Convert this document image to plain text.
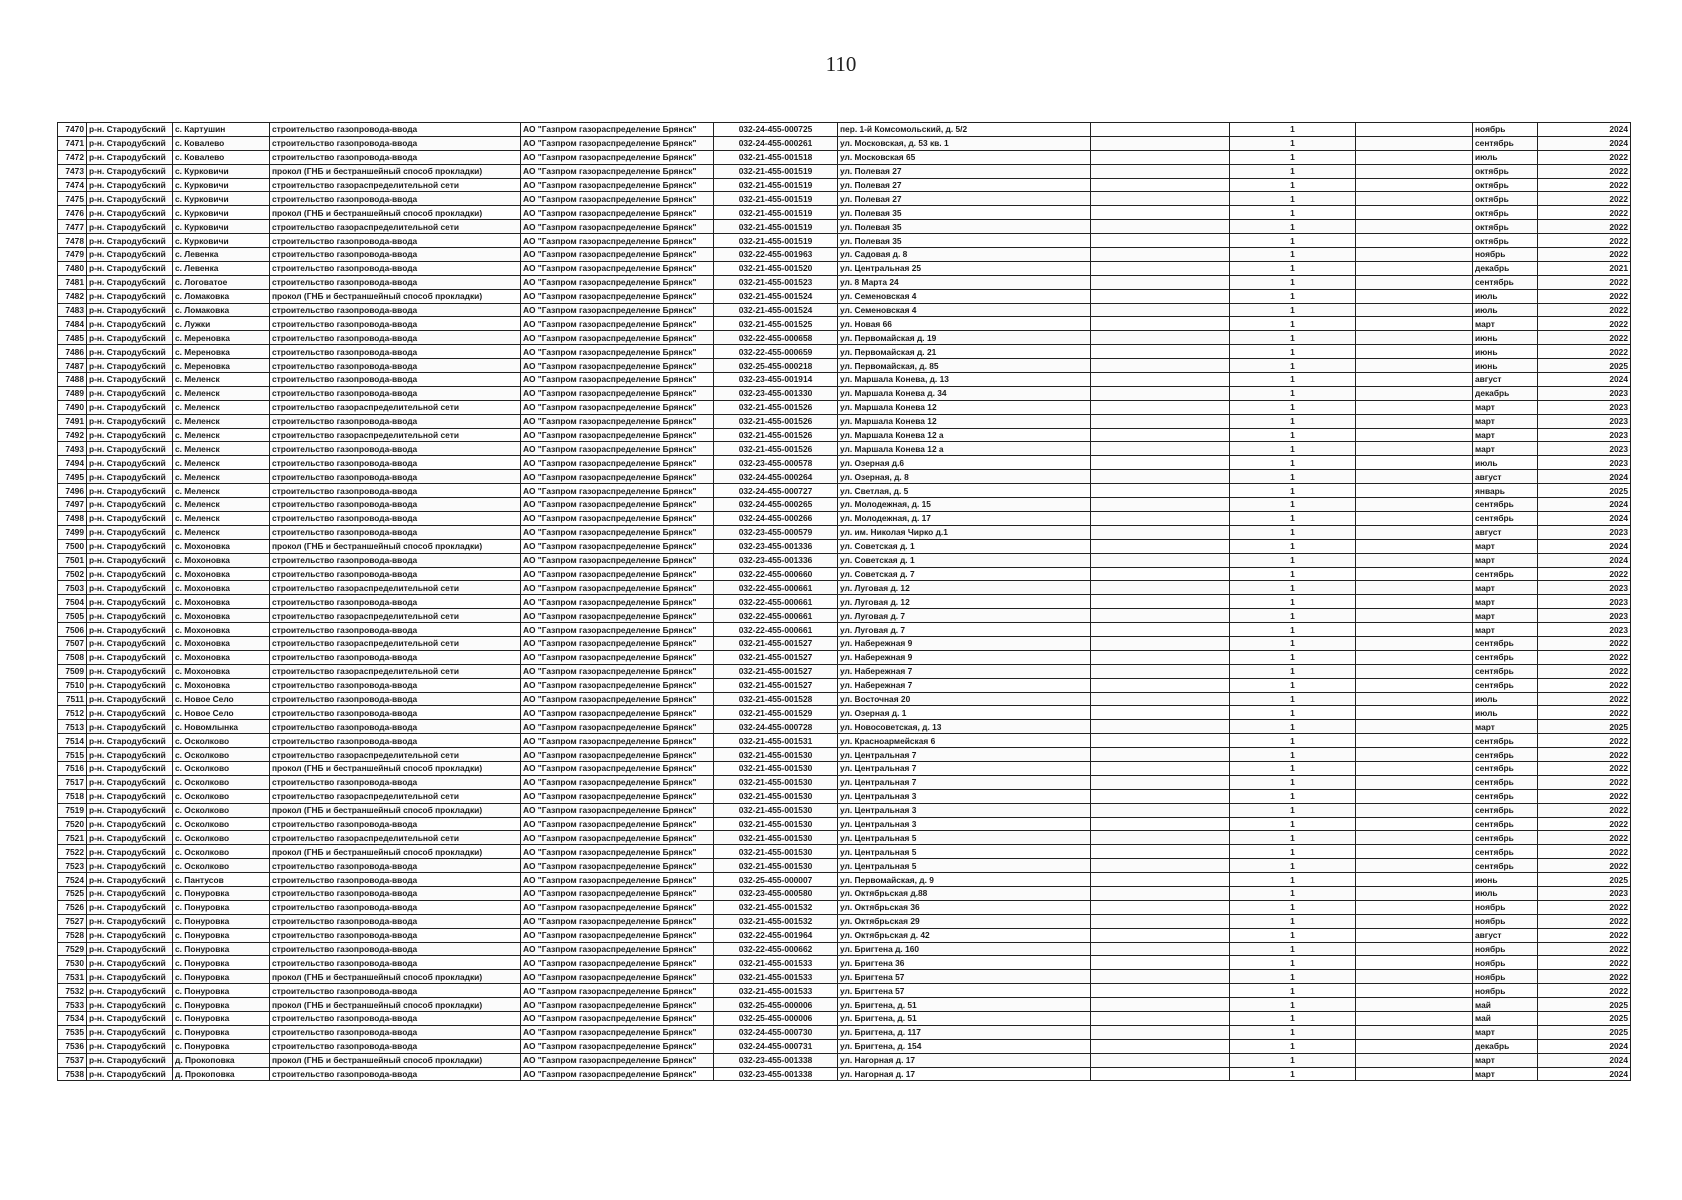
110
7470	р-н. Стародубский	с. Картушин	строительство газопровода-ввода	АО "Газпром газораспределение Брянск"	032-24-455-000725	пер. 1-й Комсомольский, д. 5/2		1		ноябрь	2024
7471	р-н. Стародубский	с. Ковалево	строительство газопровода-ввода	АО "Газпром газораспределение Брянск"	032-24-455-000261	ул. Московская, д. 53 кв. 1		1		сентябрь	2024
7472	р-н. Стародубский	с. Ковалево	строительство газопровода-ввода	АО "Газпром газораспределение Брянск"	032-21-455-001518	ул. Московская 65		1		июль	2022
7473	р-н. Стародубский	с. Курковичи	прокол (ГНБ и бестраншейный способ прокладки)	АО "Газпром газораспределение Брянск"	032-21-455-001519	ул. Полевая 27		1		октябрь	2022
7474	р-н. Стародубский	с. Курковичи	строительство газораспределительной сети	АО "Газпром газораспределение Брянск"	032-21-455-001519	ул. Полевая 27		1		октябрь	2022
7475	р-н. Стародубский	с. Курковичи	строительство газопровода-ввода	АО "Газпром газораспределение Брянск"	032-21-455-001519	ул. Полевая 27		1		октябрь	2022
7476	р-н. Стародубский	с. Курковичи	прокол (ГНБ и бестраншейный способ прокладки)	АО "Газпром газораспределение Брянск"	032-21-455-001519	ул. Полевая 35		1		октябрь	2022
7477	р-н. Стародубский	с. Курковичи	строительство газораспределительной сети	АО "Газпром газораспределение Брянск"	032-21-455-001519	ул. Полевая 35		1		октябрь	2022
7478	р-н. Стародубский	с. Курковичи	строительство газопровода-ввода	АО "Газпром газораспределение Брянск"	032-21-455-001519	ул. Полевая 35		1		октябрь	2022
7479	р-н. Стародубский	с. Левенка	строительство газопровода-ввода	АО "Газпром газораспределение Брянск"	032-22-455-001963	ул. Садовая д. 8		1		ноябрь	2022
7480	р-н. Стародубский	с. Левенка	строительство газопровода-ввода	АО "Газпром газораспределение Брянск"	032-21-455-001520	ул. Центральная 25		1		декабрь	2021
7481	р-н. Стародубский	с. Логоватое	строительство газопровода-ввода	АО "Газпром газораспределение Брянск"	032-21-455-001523	ул. 8 Марта 24		1		сентябрь	2022
7482	р-н. Стародубский	с. Ломаковка	прокол (ГНБ и бестраншейный способ прокладки)	АО "Газпром газораспределение Брянск"	032-21-455-001524	ул. Семеновская 4		1		июль	2022
7483	р-н. Стародубский	с. Ломаковка	строительство газопровода-ввода	АО "Газпром газораспределение Брянск"	032-21-455-001524	ул. Семеновская 4		1		июль	2022
7484	р-н. Стародубский	с. Лужки	строительство газопровода-ввода	АО "Газпром газораспределение Брянск"	032-21-455-001525	ул. Новая 66		1		март	2022
7485	р-н. Стародубский	с. Мереновка	строительство газопровода-ввода	АО "Газпром газораспределение Брянск"	032-22-455-000658	ул. Первомайская д. 19		1		июнь	2022
7486	р-н. Стародубский	с. Мереновка	строительство газопровода-ввода	АО "Газпром газораспределение Брянск"	032-22-455-000659	ул. Первомайская д. 21		1		июнь	2022
7487	р-н. Стародубский	с. Мереновка	строительство газопровода-ввода	АО "Газпром газораспределение Брянск"	032-25-455-000218	ул. Первомайская, д. 85		1		июнь	2025
7488	р-н. Стародубский	с. Меленск	строительство газопровода-ввода	АО "Газпром газораспределение Брянск"	032-23-455-001914	ул. Маршала Конева, д. 13		1		август	2024
7489	р-н. Стародубский	с. Меленск	строительство газопровода-ввода	АО "Газпром газораспределение Брянск"	032-23-455-001330	ул. Маршала Конева д. 34		1		декабрь	2023
7490	р-н. Стародубский	с. Меленск	строительство газораспределительной сети	АО "Газпром газораспределение Брянск"	032-21-455-001526	ул. Маршала Конева 12		1		март	2023
7491	р-н. Стародубский	с. Меленск	строительство газопровода-ввода	АО "Газпром газораспределение Брянск"	032-21-455-001526	ул. Маршала Конева 12		1		март	2023
7492	р-н. Стародубский	с. Меленск	строительство газораспределительной сети	АО "Газпром газораспределение Брянск"	032-21-455-001526	ул. Маршала Конева 12 а		1		март	2023
7493	р-н. Стародубский	с. Меленск	строительство газопровода-ввода	АО "Газпром газораспределение Брянск"	032-21-455-001526	ул. Маршала Конева 12 а		1		март	2023
7494	р-н. Стародубский	с. Меленск	строительство газопровода-ввода	АО "Газпром газораспределение Брянск"	032-23-455-000578	ул. Озерная д.6		1		июль	2023
7495	р-н. Стародубский	с. Меленск	строительство газопровода-ввода	АО "Газпром газораспределение Брянск"	032-24-455-000264	ул. Озерная, д. 8		1		август	2024
7496	р-н. Стародубский	с. Меленск	строительство газопровода-ввода	АО "Газпром газораспределение Брянск"	032-24-455-000727	ул. Светлая, д. 5		1		январь	2025
7497	р-н. Стародубский	с. Меленск	строительство газопровода-ввода	АО "Газпром газораспределение Брянск"	032-24-455-000265	ул. Молодежная, д. 15		1		сентябрь	2024
7498	р-н. Стародубский	с. Меленск	строительство газопровода-ввода	АО "Газпром газораспределение Брянск"	032-24-455-000266	ул. Молодежная, д. 17		1		сентябрь	2024
7499	р-н. Стародубский	с. Меленск	строительство газопровода-ввода	АО "Газпром газораспределение Брянск"	032-23-455-000579	ул. им. Николая Чирко д.1		1		август	2023
7500	р-н. Стародубский	с. Мохоновка	прокол (ГНБ и бестраншейный способ прокладки)	АО "Газпром газораспределение Брянск"	032-23-455-001336	ул. Советская д. 1		1		март	2024
7501	р-н. Стародубский	с. Мохоновка	строительство газопровода-ввода	АО "Газпром газораспределение Брянск"	032-23-455-001336	ул. Советская д. 1		1		март	2024
7502	р-н. Стародубский	с. Мохоновка	строительство газопровода-ввода	АО "Газпром газораспределение Брянск"	032-22-455-000660	ул. Советская д. 7		1		сентябрь	2022
7503	р-н. Стародубский	с. Мохоновка	строительство газораспределительной сети	АО "Газпром газораспределение Брянск"	032-22-455-000661	ул. Луговая д. 12		1		март	2023
7504	р-н. Стародубский	с. Мохоновка	строительство газопровода-ввода	АО "Газпром газораспределение Брянск"	032-22-455-000661	ул. Луговая д. 12		1		март	2023
7505	р-н. Стародубский	с. Мохоновка	строительство газораспределительной сети	АО "Газпром газораспределение Брянск"	032-22-455-000661	ул. Луговая д. 7		1		март	2023
7506	р-н. Стародубский	с. Мохоновка	строительство газопровода-ввода	АО "Газпром газораспределение Брянск"	032-22-455-000661	ул. Луговая д. 7		1		март	2023
7507	р-н. Стародубский	с. Мохоновка	строительство газораспределительной сети	АО "Газпром газораспределение Брянск"	032-21-455-001527	ул. Набережная 9		1		сентябрь	2022
7508	р-н. Стародубский	с. Мохоновка	строительство газопровода-ввода	АО "Газпром газораспределение Брянск"	032-21-455-001527	ул. Набережная 9		1		сентябрь	2022
7509	р-н. Стародубский	с. Мохоновка	строительство газораспределительной сети	АО "Газпром газораспределение Брянск"	032-21-455-001527	ул. Набережная 7		1		сентябрь	2022
7510	р-н. Стародубский	с. Мохоновка	строительство газопровода-ввода	АО "Газпром газораспределение Брянск"	032-21-455-001527	ул. Набережная 7		1		сентябрь	2022
7511	р-н. Стародубский	с. Новое Село	строительство газопровода-ввода	АО "Газпром газораспределение Брянск"	032-21-455-001528	ул. Восточная 20		1		июль	2022
7512	р-н. Стародубский	с. Новое Село	строительство газопровода-ввода	АО "Газпром газораспределение Брянск"	032-21-455-001529	ул. Озерная д. 1		1		июль	2022
7513	р-н. Стародубский	с. Новомлынка	строительство газопровода-ввода	АО "Газпром газораспределение Брянск"	032-24-455-000728	ул. Новосоветская, д. 13		1		март	2025
7514	р-н. Стародубский	с. Осколково	строительство газопровода-ввода	АО "Газпром газораспределение Брянск"	032-21-455-001531	ул. Красноармейская 6		1		сентябрь	2022
7515	р-н. Стародубский	с. Осколково	строительство газораспределительной сети	АО "Газпром газораспределение Брянск"	032-21-455-001530	ул. Центральная 7		1		сентябрь	2022
7516	р-н. Стародубский	с. Осколково	прокол (ГНБ и бестраншейный способ прокладки)	АО "Газпром газораспределение Брянск"	032-21-455-001530	ул. Центральная 7		1		сентябрь	2022
7517	р-н. Стародубский	с. Осколково	строительство газопровода-ввода	АО "Газпром газораспределение Брянск"	032-21-455-001530	ул. Центральная 7		1		сентябрь	2022
7518	р-н. Стародубский	с. Осколково	строительство газораспределительной сети	АО "Газпром газораспределение Брянск"	032-21-455-001530	ул. Центральная 3		1		сентябрь	2022
7519	р-н. Стародубский	с. Осколково	прокол (ГНБ и бестраншейный способ прокладки)	АО "Газпром газораспределение Брянск"	032-21-455-001530	ул. Центральная 3		1		сентябрь	2022
7520	р-н. Стародубский	с. Осколково	строительство газопровода-ввода	АО "Газпром газораспределение Брянск"	032-21-455-001530	ул. Центральная 3		1		сентябрь	2022
7521	р-н. Стародубский	с. Осколково	строительство газораспределительной сети	АО "Газпром газораспределение Брянск"	032-21-455-001530	ул. Центральная 5		1		сентябрь	2022
7522	р-н. Стародубский	с. Осколково	прокол (ГНБ и бестраншейный способ прокладки)	АО "Газпром газораспределение Брянск"	032-21-455-001530	ул. Центральная 5		1		сентябрь	2022
7523	р-н. Стародубский	с. Осколково	строительство газопровода-ввода	АО "Газпром газораспределение Брянск"	032-21-455-001530	ул. Центральная 5		1		сентябрь	2022
7524	р-н. Стародубский	с. Пантусов	строительство газопровода-ввода	АО "Газпром газораспределение Брянск"	032-25-455-000007	ул. Первомайская, д. 9		1		июнь	2025
7525	р-н. Стародубский	с. Понуровка	строительство газопровода-ввода	АО "Газпром газораспределение Брянск"	032-23-455-000580	ул. Октябрьская д.88		1		июль	2023
7526	р-н. Стародубский	с. Понуровка	строительство газопровода-ввода	АО "Газпром газораспределение Брянск"	032-21-455-001532	ул. Октябрьская 36		1		ноябрь	2022
7527	р-н. Стародубский	с. Понуровка	строительство газопровода-ввода	АО "Газпром газораспределение Брянск"	032-21-455-001532	ул. Октябрьская 29		1		ноябрь	2022
7528	р-н. Стародубский	с. Понуровка	строительство газопровода-ввода	АО "Газпром газораспределение Брянск"	032-22-455-001964	ул. Октябрьская д. 42		1		август	2022
7529	р-н. Стародубский	с. Понуровка	строительство газопровода-ввода	АО "Газпром газораспределение Брянск"	032-22-455-000662	ул. Бригтена д. 160		1		ноябрь	2022
7530	р-н. Стародубский	с. Понуровка	строительство газопровода-ввода	АО "Газпром газораспределение Брянск"	032-21-455-001533	ул. Бригтена 36		1		ноябрь	2022
7531	р-н. Стародубский	с. Понуровка	прокол (ГНБ и бестраншейный способ прокладки)	АО "Газпром газораспределение Брянск"	032-21-455-001533	ул. Бригтена 57		1		ноябрь	2022
7532	р-н. Стародубский	с. Понуровка	строительство газопровода-ввода	АО "Газпром газораспределение Брянск"	032-21-455-001533	ул. Бригтена 57		1		ноябрь	2022
7533	р-н. Стародубский	с. Понуровка	прокол (ГНБ и бестраншейный способ прокладки)	АО "Газпром газораспределение Брянск"	032-25-455-000006	ул. Бригтена, д. 51		1		май	2025
7534	р-н. Стародубский	с. Понуровка	строительство газопровода-ввода	АО "Газпром газораспределение Брянск"	032-25-455-000006	ул. Бригтена, д. 51		1		май	2025
7535	р-н. Стародубский	с. Понуровка	строительство газопровода-ввода	АО "Газпром газораспределение Брянск"	032-24-455-000730	ул. Бригтена, д. 117		1		март	2025
7536	р-н. Стародубский	с. Понуровка	строительство газопровода-ввода	АО "Газпром газораспределение Брянск"	032-24-455-000731	ул. Бригтена, д. 154		1		декабрь	2024
7537	р-н. Стародубский	д. Прокоповка	прокол (ГНБ и бестраншейный способ прокладки)	АО "Газпром газораспределение Брянск"	032-23-455-001338	ул. Нагорная д. 17		1		март	2024
7538	р-н. Стародубский	д. Прокоповка	строительство газопровода-ввода	АО "Газпром газораспределение Брянск"	032-23-455-001338	ул. Нагорная д. 17		1		март	2024
